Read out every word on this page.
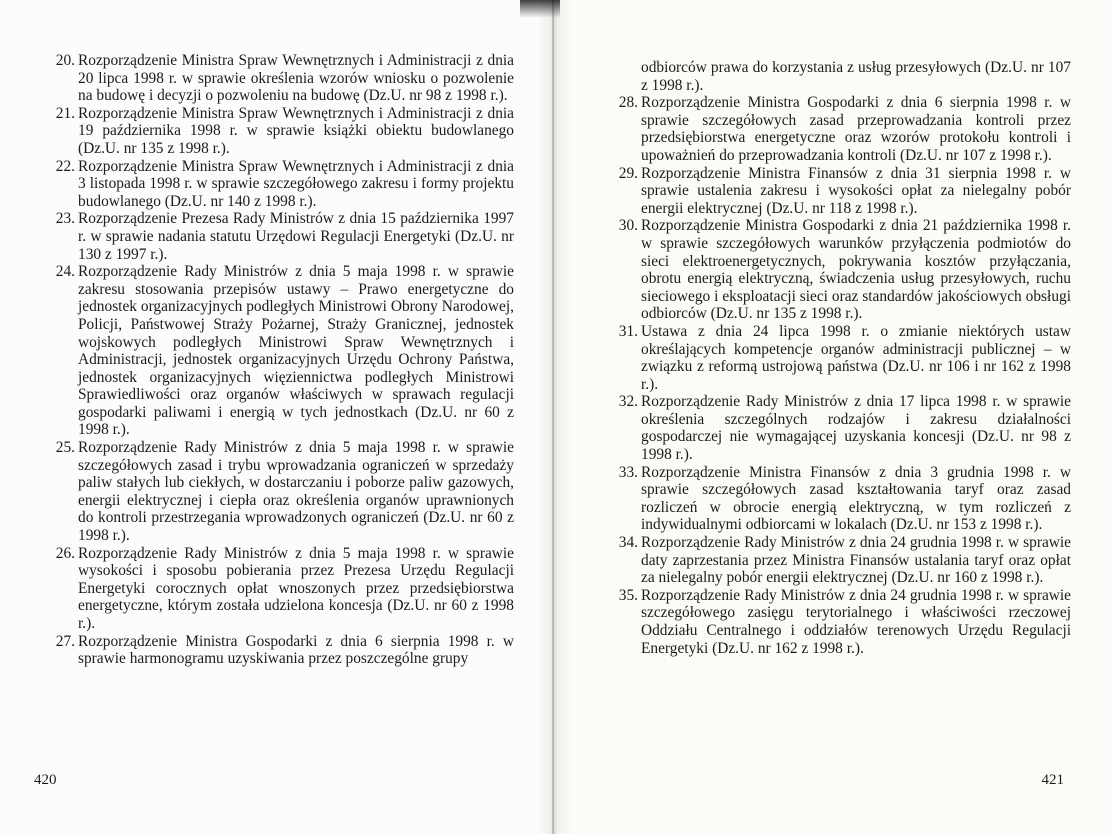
20. Rozporządzenie Ministra Spraw Wewnętrznych i Administracji z dnia 20 lipca 1998 r. w sprawie określenia wzorów wniosku o pozwolenie na budowę i decyzji o pozwoleniu na budowę (Dz.U. nr 98 z 1998 r.).
21. Rozporządzenie Ministra Spraw Wewnętrznych i Administracji z dnia 19 października 1998 r. w sprawie książki obiektu budowlanego (Dz.U. nr 135 z 1998 r.).
22. Rozporządzenie Ministra Spraw Wewnętrznych i Administracji z dnia 3 listopada 1998 r. w sprawie szczegółowego zakresu i formy projektu budowlanego (Dz.U. nr 140 z 1998 r.).
23. Rozporządzenie Prezesa Rady Ministrów z dnia 15 października 1997 r. w sprawie nadania statutu Urzędowi Regulacji Energetyki (Dz.U. nr 130 z 1997 r.).
24. Rozporządzenie Rady Ministrów z dnia 5 maja 1998 r. w sprawie zakresu stosowania przepisów ustawy – Prawo energetyczne do jednostek organizacyjnych podległych Ministrowi Obrony Narodowej, Policji, Państwowej Straży Pożarnej, Straży Granicznej, jednostek wojskowych podległych Ministrowi Spraw Wewnętrznych i Administracji, jednostek organizacyjnych Urzędu Ochrony Państwa, jednostek organizacyjnych więziennictwa podległych Ministrowi Sprawiedliwości oraz organów właściwych w sprawach regulacji gospodarki paliwami i energią w tych jednostkach (Dz.U. nr 60 z 1998 r.).
25. Rozporządzenie Rady Ministrów z dnia 5 maja 1998 r. w sprawie szczegółowych zasad i trybu wprowadzania ograniczeń w sprzedaży paliw stałych lub ciekłych, w dostarczaniu i poborze paliw gazowych, energii elektrycznej i ciepła oraz określenia organów uprawnionych do kontroli przestrzegania wprowadzonych ograniczeń (Dz.U. nr 60 z 1998 r.).
26. Rozporządzenie Rady Ministrów z dnia 5 maja 1998 r. w sprawie wysokości i sposobu pobierania przez Prezesa Urzędu Regulacji Energetyki corocznych opłat wnoszonych przez przedsiębiorstwa energetyczne, którym została udzielona koncesja (Dz.U. nr 60 z 1998 r.).
27. Rozporządzenie Ministra Gospodarki z dnia 6 sierpnia 1998 r. w sprawie harmonogramu uzyskiwania przez poszczególne grupy
420
odbiorców prawa do korzystania z usług przesyłowych (Dz.U. nr 107 z 1998 r.).
28. Rozporządzenie Ministra Gospodarki z dnia 6 sierpnia 1998 r. w sprawie szczegółowych zasad przeprowadzania kontroli przez przedsiębiorstwa energetyczne oraz wzorów protokołu kontroli i upoważnień do przeprowadzania kontroli (Dz.U. nr 107 z 1998 r.).
29. Rozporządzenie Ministra Finansów z dnia 31 sierpnia 1998 r. w sprawie ustalenia zakresu i wysokości opłat za nielegalny pobór energii elektrycznej (Dz.U. nr 118 z 1998 r.).
30. Rozporządzenie Ministra Gospodarki z dnia 21 października 1998 r. w sprawie szczegółowych warunków przyłączenia podmiotów do sieci elektroenergetycznych, pokrywania kosztów przyłączania, obrotu energią elektryczną, świadczenia usług przesyłowych, ruchu sieciowego i eksploatacji sieci oraz standardów jakościowych obsługi odbiorców (Dz.U. nr 135 z 1998 r.).
31. Ustawa z dnia 24 lipca 1998 r. o zmianie niektórych ustaw określających kompetencje organów administracji publicznej – w związku z reformą ustrojową państwa (Dz.U. nr 106 i nr 162 z 1998 r.).
32. Rozporządzenie Rady Ministrów z dnia 17 lipca 1998 r. w sprawie określenia szczególnych rodzajów i zakresu działalności gospodarczej nie wymagającej uzyskania koncesji (Dz.U. nr 98 z 1998 r.).
33. Rozporządzenie Ministra Finansów z dnia 3 grudnia 1998 r. w sprawie szczegółowych zasad kształtowania taryf oraz zasad rozliczeń w obrocie energią elektryczną, w tym rozliczeń z indywidualnymi odbiorcami w lokalach (Dz.U. nr 153 z 1998 r.).
34. Rozporządzenie Rady Ministrów z dnia 24 grudnia 1998 r. w sprawie daty zaprzestania przez Ministra Finansów ustalania taryf oraz opłat za nielegalny pobór energii elektrycznej (Dz.U. nr 160 z 1998 r.).
35. Rozporządzenie Rady Ministrów z dnia 24 grudnia 1998 r. w sprawie szczegółowego zasięgu terytorialnego i właściwości rzeczowej Oddziału Centralnego i oddziałów terenowych Urzędu Regulacji Energetyki (Dz.U. nr 162 z 1998 r.).
421
